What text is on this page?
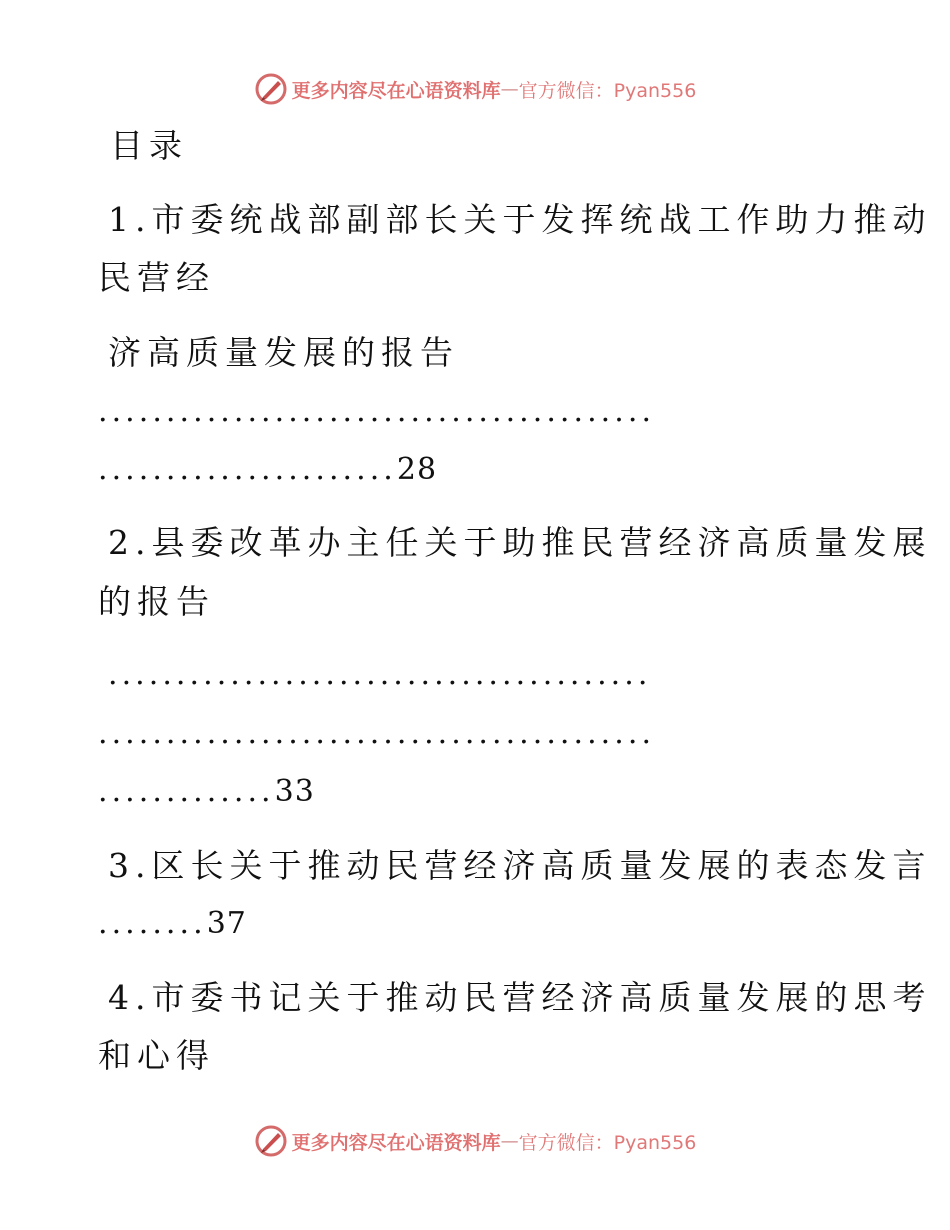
更多内容尽在心语资料库 — 官方微信：Pyan556
目录
1.市委统战部副部长关于发挥统战工作助力推动
民营经
济高质量发展的报告
.........................................
......................28
2.县委改革办主任关于助推民营经济高质量发展
的报告
........................................
.........................................
.............33
3.区长关于推动民营经济高质量发展的表态发言
........37
4.市委书记关于推动民营经济高质量发展的思考
和心得
更多内容尽在心语资料库 — 官方微信：Pyan556
